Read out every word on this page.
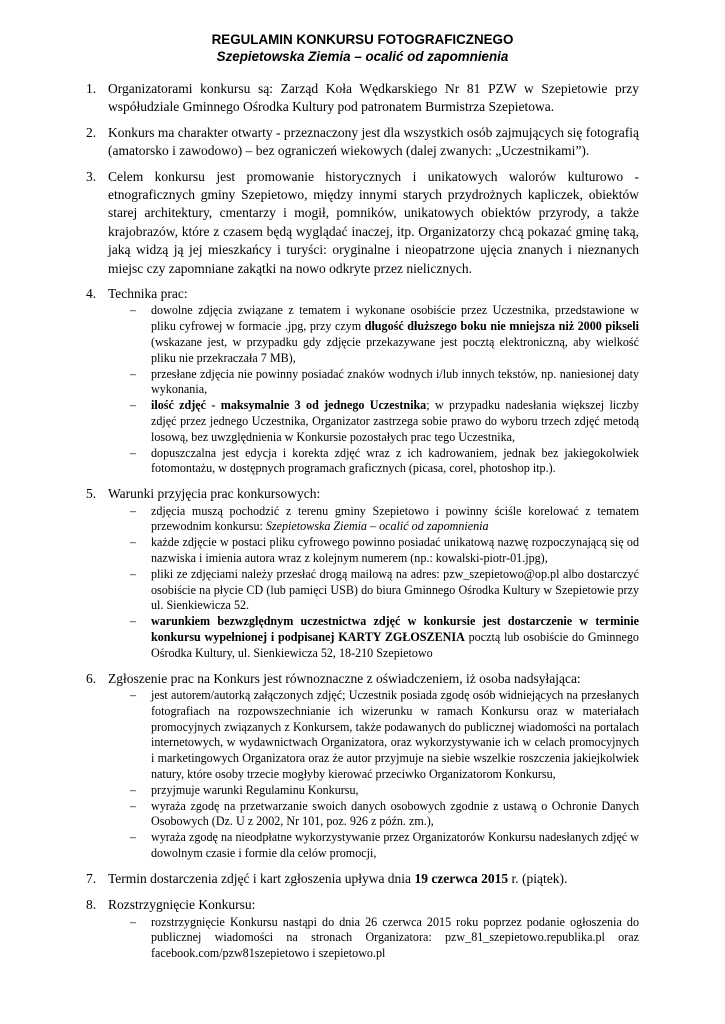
REGULAMIN KONKURSU FOTOGRAFICZNEGO
Szepietowska Ziemia – ocalić od zapomnienia
1. Organizatorami konkursu są: Zarząd Koła Wędkarskiego Nr 81 PZW w Szepietowie przy współudziale Gminnego Ośrodka Kultury pod patronatem Burmistrza Szepietowa.
2. Konkurs ma charakter otwarty - przeznaczony jest dla wszystkich osób zajmujących się fotografią (amatorsko i zawodowo) – bez ograniczeń wiekowych (dalej zwanych: „Uczestnikami”).
3. Celem konkursu jest promowanie historycznych i unikatowych walorów kulturowo - etnograficznych gminy Szepietowo, między innymi starych przydrożnych kapliczek, obiektów starej architektury, cmentarzy i mogił, pomników, unikatowych obiektów przyrody, a także krajobrazów, które z czasem będą wyglądać inaczej, itp. Organizatorzy chcą pokazać gminę taką, jaką widzą ją jej mieszkańcy i turyści: oryginalne i nieopatrzone ujęcia znanych i nieznanych miejsc czy zapomniane zakątki na nowo odkryte przez nielicznych.
4. Technika prac:
– dowolne zdjęcia związane z tematem i wykonane osobiście przez Uczestnika, przedstawione w pliku cyfrowej w formacie .jpg, przy czym długość dłuższego boku nie mniejsza niż 2000 pikseli (wskazane jest, w przypadku gdy zdjęcie przekazywane jest pocztą elektroniczną, aby wielkość pliku nie przekraczała 7 MB),
– przesłane zdjęcia nie powinny posiadać znaków wodnych i/lub innych tekstów, np. naniesionej daty wykonania,
– ilość zdjęć - maksymalnie 3 od jednego Uczestnika; w przypadku nadesłania większej liczby zdjęć przez jednego Uczestnika, Organizator zastrzega sobie prawo do wyboru trzech zdjęć metodą losową, bez uwzględnienia w Konkursie pozostałych prac tego Uczestnika,
– dopuszczalna jest edycja i korekta zdjęć wraz z ich kadrowaniem, jednak bez jakiegokolwiek fotomontażu, w dostępnych programach graficznych (picasa, corel, photoshop itp.).
5. Warunki przyjęcia prac konkursowych:
– zdjęcia muszą pochodzić z terenu gminy Szepietowo i powinny ściśle korelować z tematem przewodnim konkursu: Szepietowska Ziemia – ocalić od zapomnienia
– każde zdjęcie w postaci pliku cyfrowego powinno posiadać unikatową nazwę rozpoczynającą się od nazwiska i imienia autora wraz z kolejnym numerem (np.: kowalski-piotr-01.jpg),
– pliki ze zdjęciami należy przesłać drogą mailową na adres: pzw_szepietowo@op.pl albo dostarczyć osobiście na płycie CD (lub pamięci USB) do biura Gminnego Ośrodka Kultury w Szepietowie przy ul. Sienkiewicza 52.
– warunkiem bezwzględnym uczestnictwa zdjęć w konkursie jest dostarczenie w terminie konkursu wypełnionej i podpisanej KARTY ZGŁOSZENIA pocztą lub osobiście do Gminnego Ośrodka Kultury, ul. Sienkiewicza 52, 18-210 Szepietowo
6. Zgłoszenie prac na Konkurs jest równoznaczne z oświadczeniem, iż osoba nadsyłająca:
– jest autorem/autorką załączonych zdjęć; Uczestnik posiada zgodę osób widniejących na przesłanych fotografiach na rozpowszechnianie ich wizerunku w ramach Konkursu oraz w materiałach promocyjnych związanych z Konkursem, także podawanych do publicznej wiadomości na portalach internetowych, w wydawnictwach Organizatora, oraz wykorzystywanie ich w celach promocyjnych i marketingowych Organizatora oraz że autor przyjmuje na siebie wszelkie roszczenia jakiejkolwiek natury, które osoby trzecie mogłyby kierować przeciwko Organizatorom Konkursu,
– przyjmuje warunki Regulaminu Konkursu,
– wyraża zgodę na przetwarzanie swoich danych osobowych zgodnie z ustawą o Ochronie Danych Osobowych (Dz. U z 2002, Nr 101, poz. 926 z późn. zm.),
– wyraża zgodę na nieodpłatne wykorzystywanie przez Organizatorów Konkursu nadesłanych zdjęć w dowolnym czasie i formie dla celów promocji,
7. Termin dostarczenia zdjęć i kart zgłoszenia upływa dnia 19 czerwca 2015 r. (piątek).
8. Rozstrzygnięcie Konkursu:
– rozstrzygnięcie Konkursu nastąpi do dnia 26 czerwca 2015 roku poprzez podanie ogłoszenia do publicznej wiadomości na stronach Organizatora: pzw_81_szepietowo.republika.pl oraz facebook.com/pzw81szepietowo i szepietowo.pl
